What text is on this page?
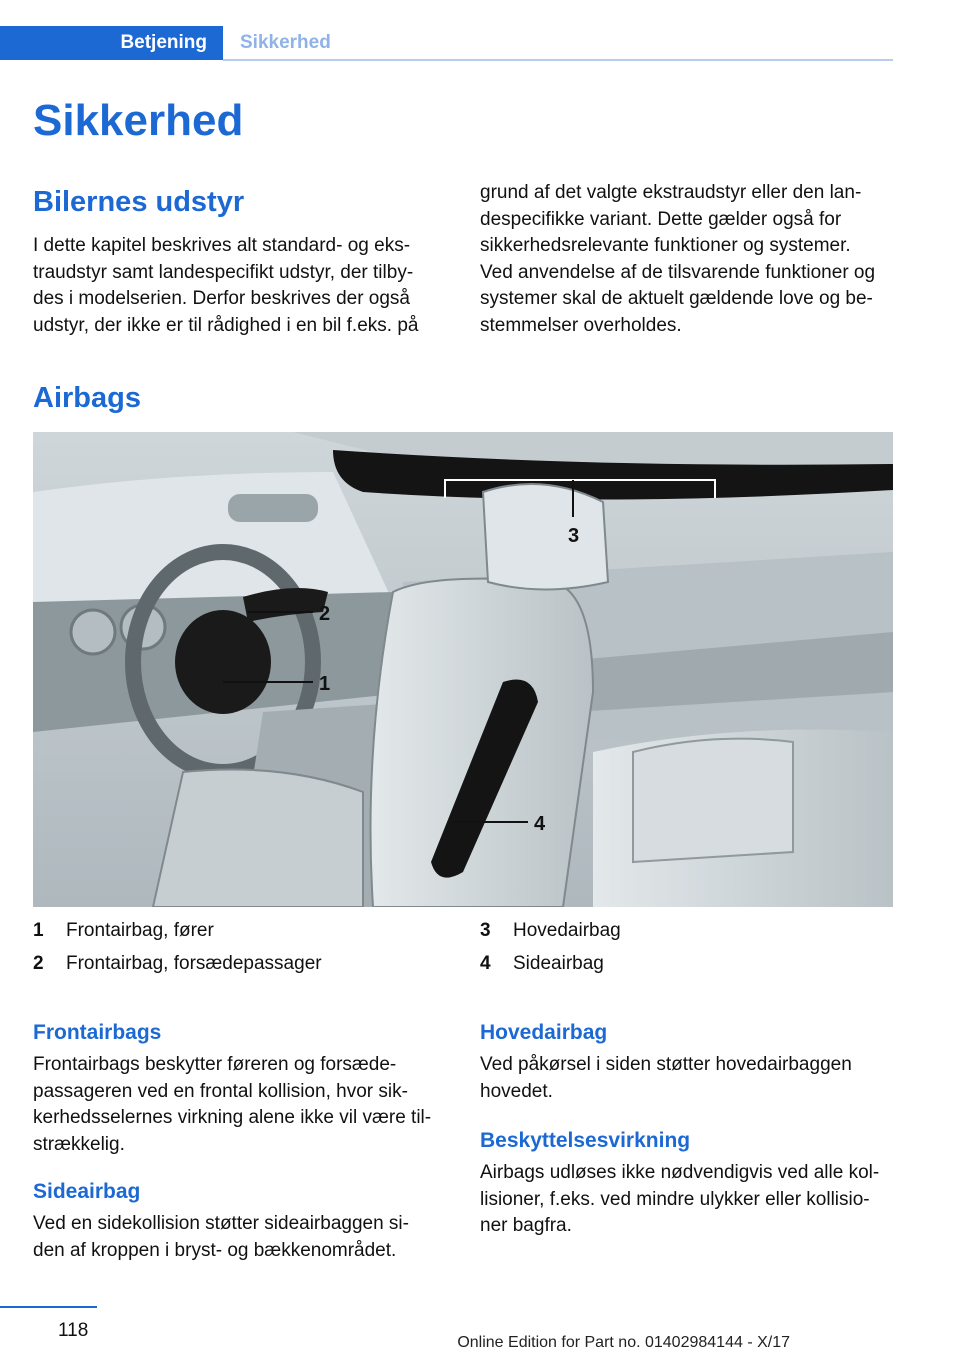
Betjening	Sikkerhed
Sikkerhed
Bilernes udstyr
I dette kapitel beskrives alt standard- og eks-
traudstyr samt landespecifikt udstyr, der tilby-
des i modelserien. Derfor beskrives der også
udstyr, der ikke er til rådighed i en bil f.eks. på
grund af det valgte ekstraudstyr eller den lan-
despecifikke variant. Dette gælder også for
sikkerhedsrelevante funktioner og systemer.
Ved anvendelse af de tilsvarende funktioner og
systemer skal de aktuelt gældende love og be-
stemmelser overholdes.
Airbags
1
2
3
4
1 Frontairbag, fører
2 Frontairbag, forsædepassager
3 Hovedairbag
4 Sideairbag
Frontairbags
Frontairbags beskytter føreren og forsæde-
passageren ved en frontal kollision, hvor sik-
kerhedsselernes virkning alene ikke vil være til-
strækkelig.
Sideairbag
Ved en sidekollision støtter sideairbaggen si-
den af kroppen i bryst- og bækkenområdet.
Hovedairbag
Ved påkørsel i siden støtter hovedairbaggen
hovedet.
Beskyttelsesvirkning
Airbags udløses ikke nødvendigvis ved alle kol-
lisioner, f.eks. ved mindre ulykker eller kollisio-
ner bagfra.
118
Online Edition for Part no. 01402984144 - X/17
